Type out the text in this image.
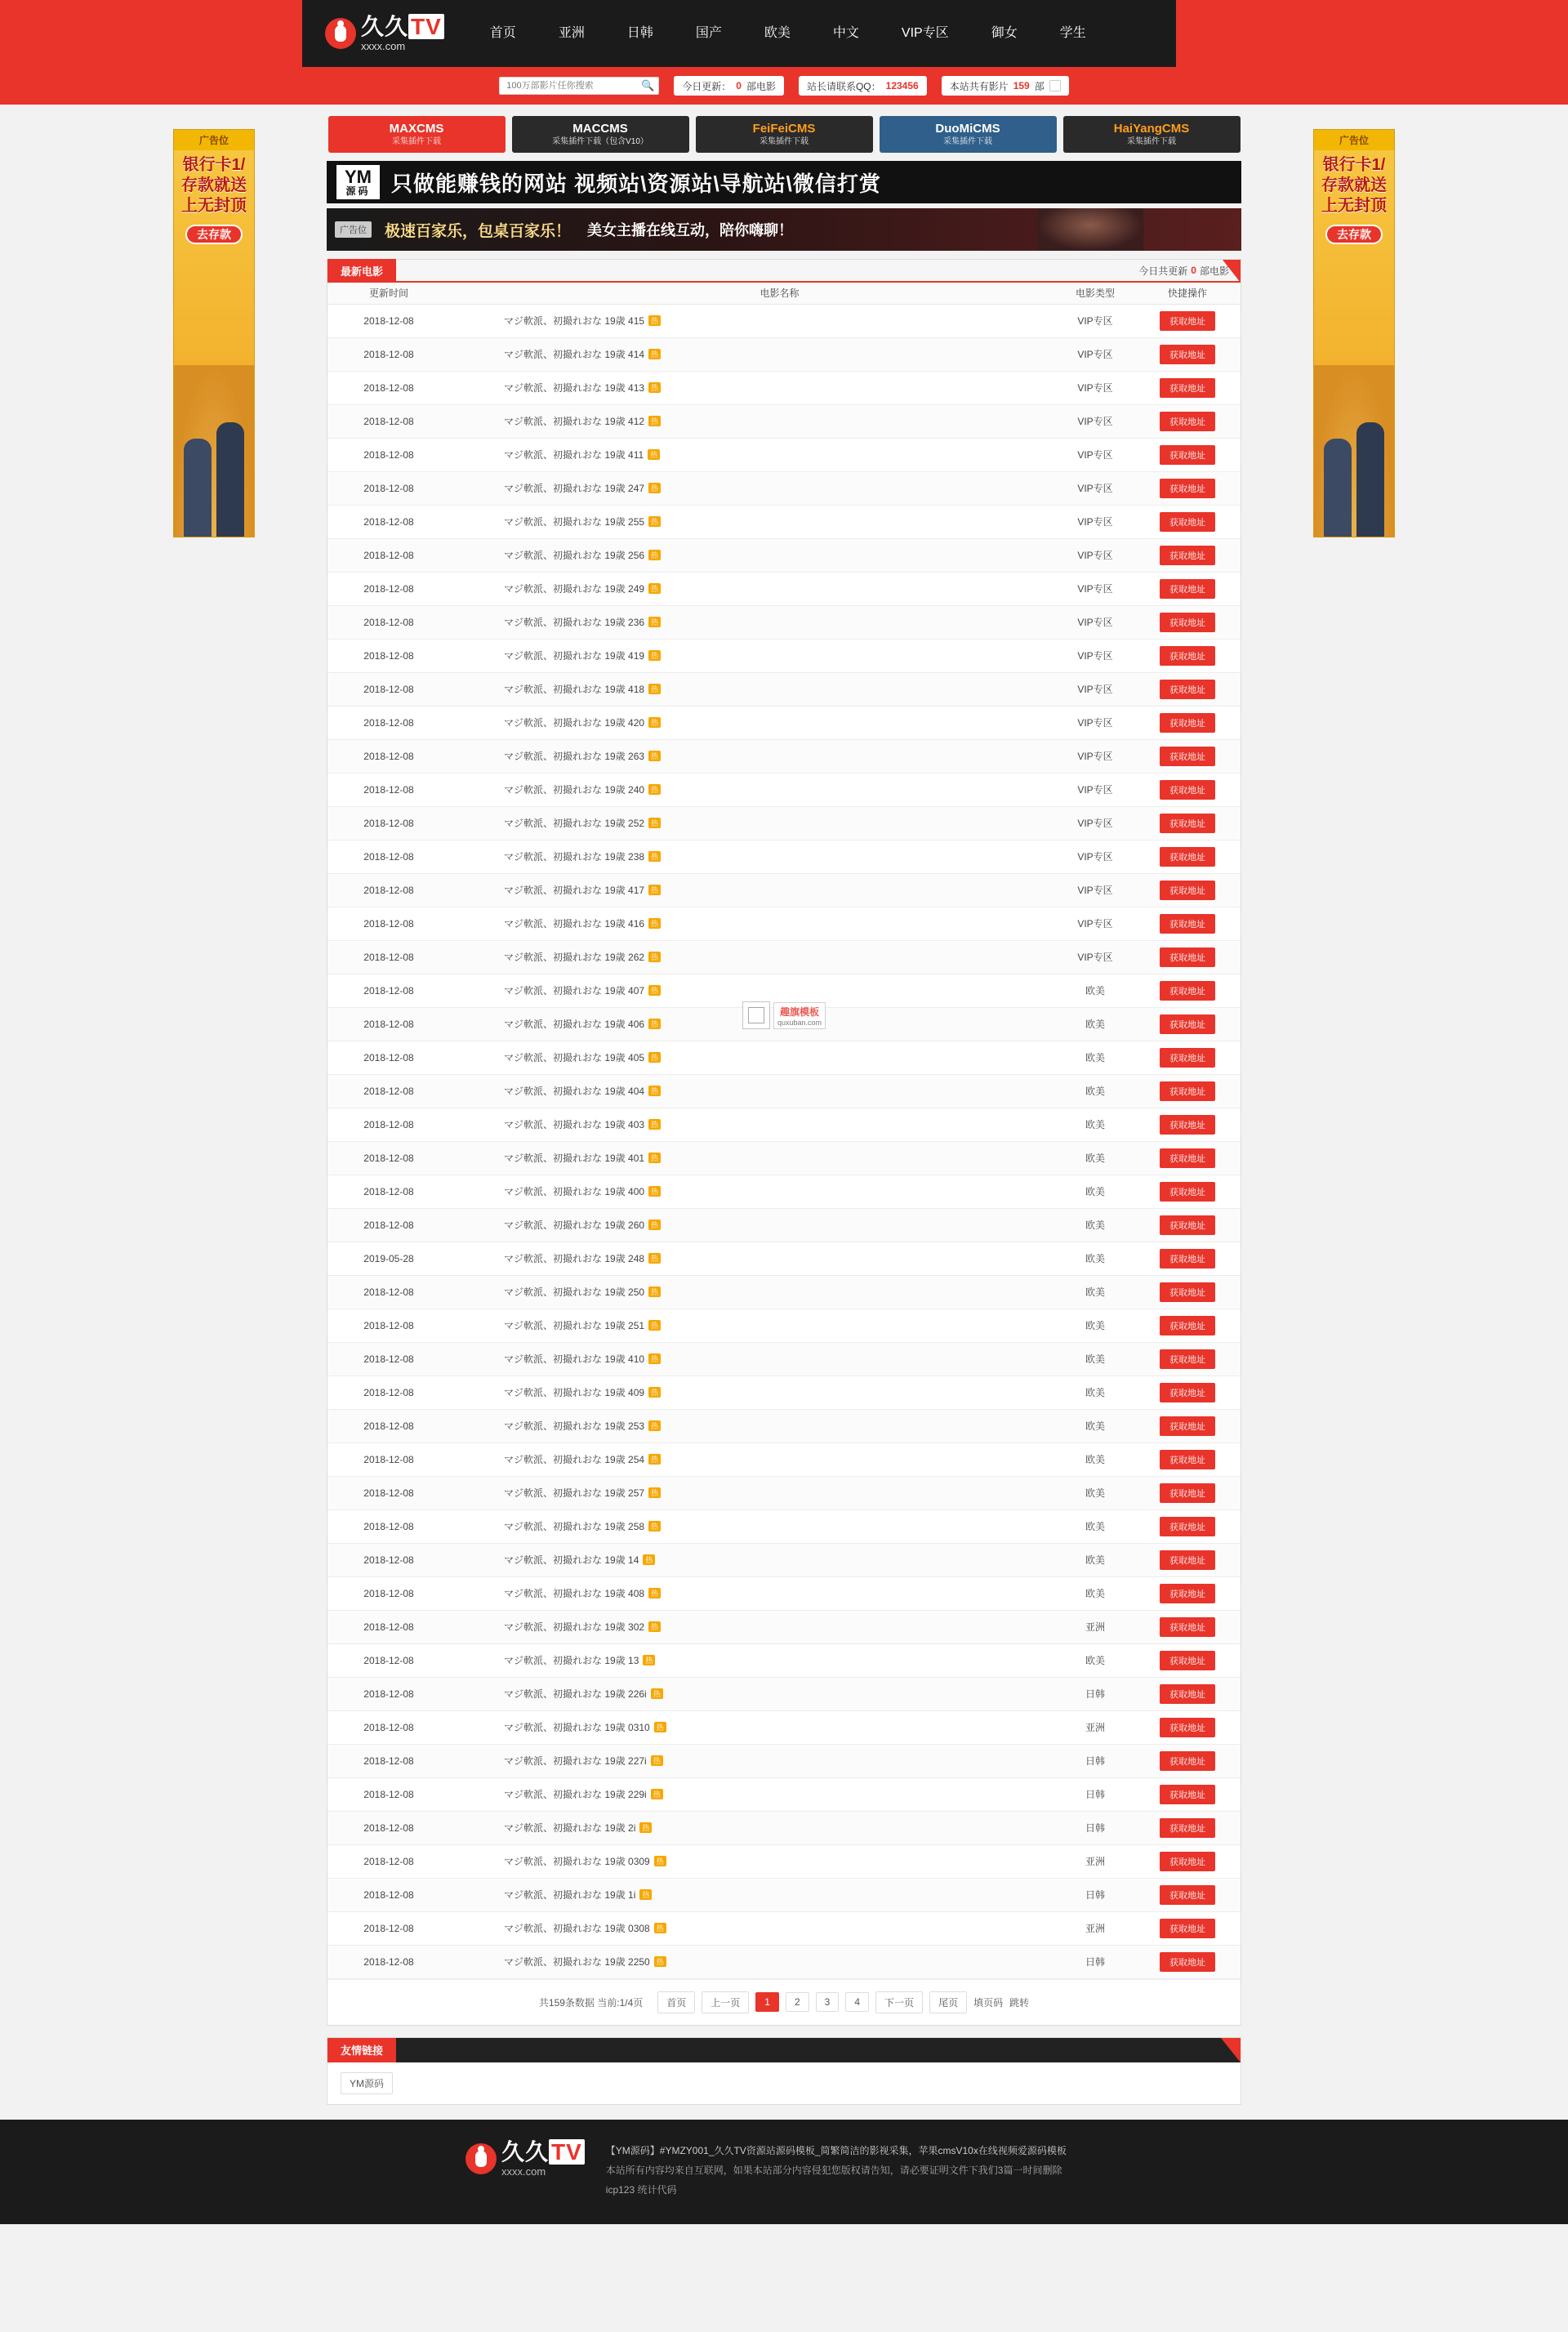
久久 TV
xxxx.com
首页	亚洲	日韩	国产	欧美	中文	VIP专区	御女	学生
100万部影片任你搜索
🔍	今日更新： 0 部电影	站长请联系QQ： 123456	本站共有影片 159 部
广告位
银行卡1/
存款就送
上无封顶
去存款
广告位
银行卡1/
存款就送
上无封顶
去存款
MAXCMS
采集插件下载
MACCMS
采集插件下载（包含V10）
FeiFeiCMS
采集插件下载
DuoMiCMS
采集插件下载
HaiYangCMS
采集插件下载
YM
源码 只做能赚钱的网站 视频站\资源站\导航站\微信打赏
广告位	极速百家乐，包桌百家乐！ 美女主播在线互动，陪你嗨聊！
最新电影	今日共更新 0 部电影
更新时间	电影名称	电影类型	快捷操作
2018-12-08	マジ軟派、初撮れおな 19歳 415 热	VIP专区	获取地址
2018-12-08	マジ軟派、初撮れおな 19歳 414 热	VIP专区	获取地址
2018-12-08	マジ軟派、初撮れおな 19歳 413 热	VIP专区	获取地址
2018-12-08	マジ軟派、初撮れおな 19歳 412 热	VIP专区	获取地址
2018-12-08	マジ軟派、初撮れおな 19歳 411 热	VIP专区	获取地址
2018-12-08	マジ軟派、初撮れおな 19歳 247 热	VIP专区	获取地址
2018-12-08	マジ軟派、初撮れおな 19歳 255 热	VIP专区	获取地址
2018-12-08	マジ軟派、初撮れおな 19歳 256 热	VIP专区	获取地址
2018-12-08	マジ軟派、初撮れおな 19歳 249 热	VIP专区	获取地址
2018-12-08	マジ軟派、初撮れおな 19歳 236 热	VIP专区	获取地址
2018-12-08	マジ軟派、初撮れおな 19歳 419 热	VIP专区	获取地址
2018-12-08	マジ軟派、初撮れおな 19歳 418 热	VIP专区	获取地址
2018-12-08	マジ軟派、初撮れおな 19歳 420 热	VIP专区	获取地址
2018-12-08	マジ軟派、初撮れおな 19歳 263 热	VIP专区	获取地址
2018-12-08	マジ軟派、初撮れおな 19歳 240 热	VIP专区	获取地址
2018-12-08	マジ軟派、初撮れおな 19歳 252 热	VIP专区	获取地址
2018-12-08	マジ軟派、初撮れおな 19歳 238 热	VIP专区	获取地址
2018-12-08	マジ軟派、初撮れおな 19歳 417 热	VIP专区	获取地址
2018-12-08	マジ軟派、初撮れおな 19歳 416 热	VIP专区	获取地址
2018-12-08	マジ軟派、初撮れおな 19歳 262 热	VIP专区	获取地址
2018-12-08	マジ軟派、初撮れおな 19歳 407 热	欧美	获取地址
2018-12-08	マジ軟派、初撮れおな 19歳 406 热	欧美	获取地址
2018-12-08	マジ軟派、初撮れおな 19歳 405 热	欧美	获取地址
2018-12-08	マジ軟派、初撮れおな 19歳 404 热	欧美	获取地址
2018-12-08	マジ軟派、初撮れおな 19歳 403 热	欧美	获取地址
2018-12-08	マジ軟派、初撮れおな 19歳 401 热	欧美	获取地址
2018-12-08	マジ軟派、初撮れおな 19歳 400 热	欧美	获取地址
2018-12-08	マジ軟派、初撮れおな 19歳 260 热	欧美	获取地址
2019-05-28	マジ軟派、初撮れおな 19歳 248 热	欧美	获取地址
2018-12-08	マジ軟派、初撮れおな 19歳 250 热	欧美	获取地址
2018-12-08	マジ軟派、初撮れおな 19歳 251 热	欧美	获取地址
2018-12-08	マジ軟派、初撮れおな 19歳 410 热	欧美	获取地址
2018-12-08	マジ軟派、初撮れおな 19歳 409 热	欧美	获取地址
2018-12-08	マジ軟派、初撮れおな 19歳 253 热	欧美	获取地址
2018-12-08	マジ軟派、初撮れおな 19歳 254 热	欧美	获取地址
2018-12-08	マジ軟派、初撮れおな 19歳 257 热	欧美	获取地址
2018-12-08	マジ軟派、初撮れおな 19歳 258 热	欧美	获取地址
2018-12-08	マジ軟派、初撮れおな 19歳 14 热	欧美	获取地址
2018-12-08	マジ軟派、初撮れおな 19歳 408 热	欧美	获取地址
2018-12-08	マジ軟派、初撮れおな 19歳 302 热	亚洲	获取地址
2018-12-08	マジ軟派、初撮れおな 19歳 13 热	欧美	获取地址
2018-12-08	マジ軟派、初撮れおな 19歳 226i 热	日韩	获取地址
2018-12-08	マジ軟派、初撮れおな 19歳 0310 热	亚洲	获取地址
2018-12-08	マジ軟派、初撮れおな 19歳 227i 热	日韩	获取地址
2018-12-08	マジ軟派、初撮れおな 19歳 229i 热	日韩	获取地址
2018-12-08	マジ軟派、初撮れおな 19歳 2i 热	日韩	获取地址
2018-12-08	マジ軟派、初撮れおな 19歳 0309 热	亚洲	获取地址
2018-12-08	マジ軟派、初撮れおな 19歳 1i 热	日韩	获取地址
2018-12-08	マジ軟派、初撮れおな 19歳 0308 热	亚洲	获取地址
2018-12-08	マジ軟派、初撮れおな 19歳 2250 热	日韩	获取地址
趣旗模板
quxuban.com
共159条数据 当前:1/4页	首页	上一页	1	2	3	4	下一页	尾页	填页码 跳转
友情链接
YM源码
久久 TV
xxxx.com
【YM源码】#YMZY001_久久TV资源站源码模板_简繁简洁的影视采集，苹果cmsV10x在线视频爱源码模板
本站所有内容均来自互联网，如果本站部分内容侵犯您版权请告知，请必要证明文件下我们3篇一时间删除
icp123 统计代码
